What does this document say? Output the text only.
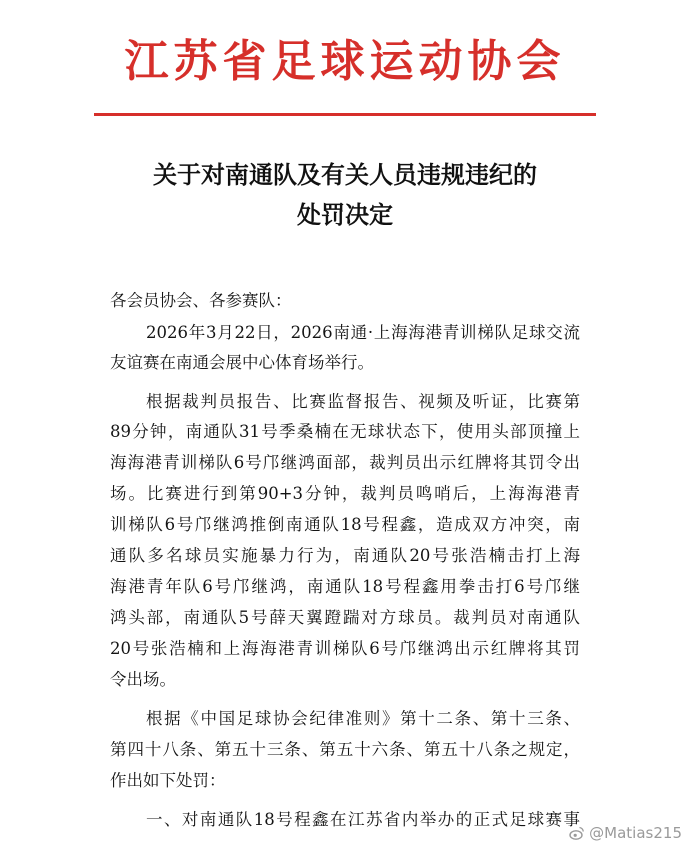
江苏省足球运动协会
关于对南通队及有关人员违规违纪的
处罚决定
各会员协会、各参赛队：
2026年3月22日，2026南通·上海海港青训梯队足球交流
友谊赛在南通会展中心体育场举行。
根据裁判员报告、比赛监督报告、视频及听证，比赛第
89分钟，南通队31号季桑楠在无球状态下，使用头部顶撞上
海海港青训梯队6号邝继鸿面部，裁判员出示红牌将其罚令出
场。比赛进行到第90+3分钟，裁判员鸣哨后，上海海港青
训梯队6号邝继鸿推倒南通队18号程鑫，造成双方冲突，南
通队多名球员实施暴力行为，南通队20号张浩楠击打上海
海港青年队6号邝继鸿，南通队18号程鑫用拳击打6号邝继
鸿头部，南通队5号薛天翼蹬踹对方球员。裁判员对南通队
20号张浩楠和上海海港青训梯队6号邝继鸿出示红牌将其罚
令出场。
根据《中国足球协会纪律准则》第十二条、第十三条、
第四十八条、第五十三条、第五十六条、第五十八条之规定，
作出如下处罚：
一、对南通队18号程鑫在江苏省内举办的正式足球赛事
@Matias215
